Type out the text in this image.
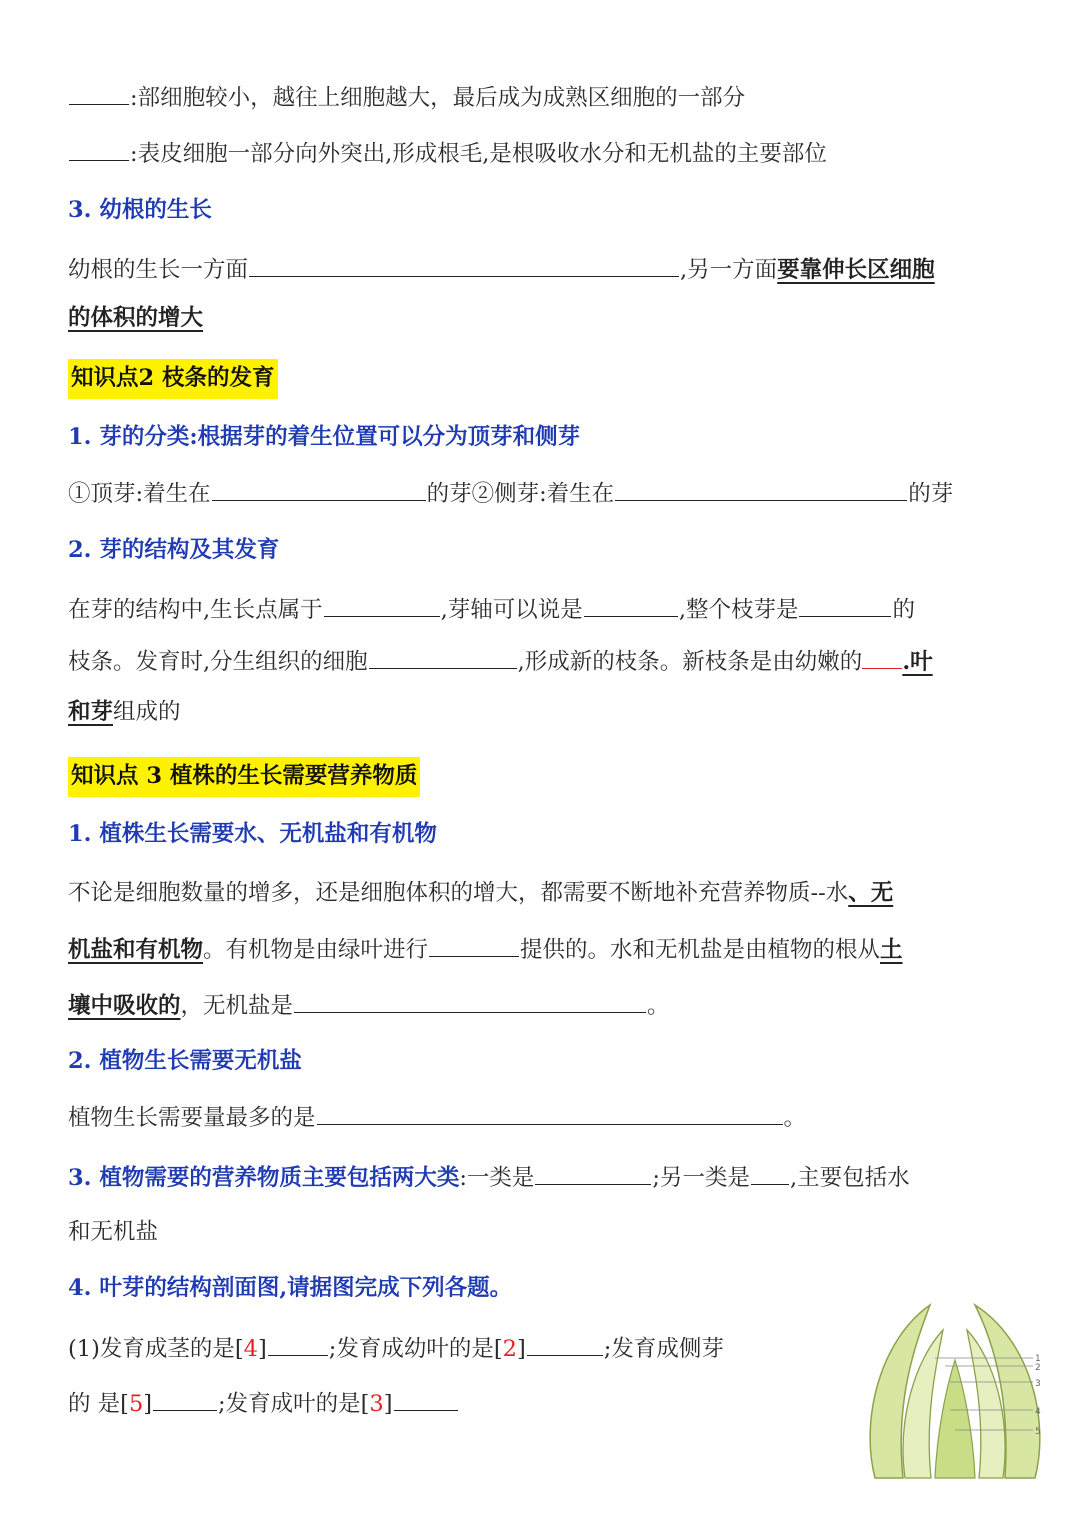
:部细胞较小，越往上细胞越大，最后成为成熟区细胞的一部分
:表皮细胞一部分向外突出,形成根毛,是根吸收水分和无机盐的主要部位
3. 幼根的生长
幼根的生长一方面	,另一方面要靠伸长区细胞
的体积的增大
知识点2 枝条的发育
1. 芽的分类:根据芽的着生位置可以分为顶芽和侧芽
①顶芽:着生在	的芽②侧芽:着生在	的芽
2. 芽的结构及其发育
在芽的结构中,生长点属于	,芽轴可以说是	,整个枝芽是	的
枝条。发育时,分生组织的细胞	,形成新的枝条。新枝条是由幼嫩的 .叶
和芽组成的
知识点 3 植株的生长需要营养物质
1. 植株生长需要水、无机盐和有机物
不论是细胞数量的增多，还是细胞体积的增大，都需要不断地补充营养物质--水、无
机盐和有机物。有机物是由绿叶进行	提供的。水和无机盐是由植物的根从土
壤中吸收的，无机盐是	。
2. 植物生长需要无机盐
植物生长需要量最多的是	。
3. 植物需要的营养物质主要包括两大类:一类是	;另一类是 ,主要包括水
和无机盐
4. 叶芽的结构剖面图,请据图完成下列各题。
(1)发育成茎的是[4]	;发育成幼叶的是[2]	;发育成侧芽
的 是[5]	;发育成叶的是[3]
1
2
3
4
5
